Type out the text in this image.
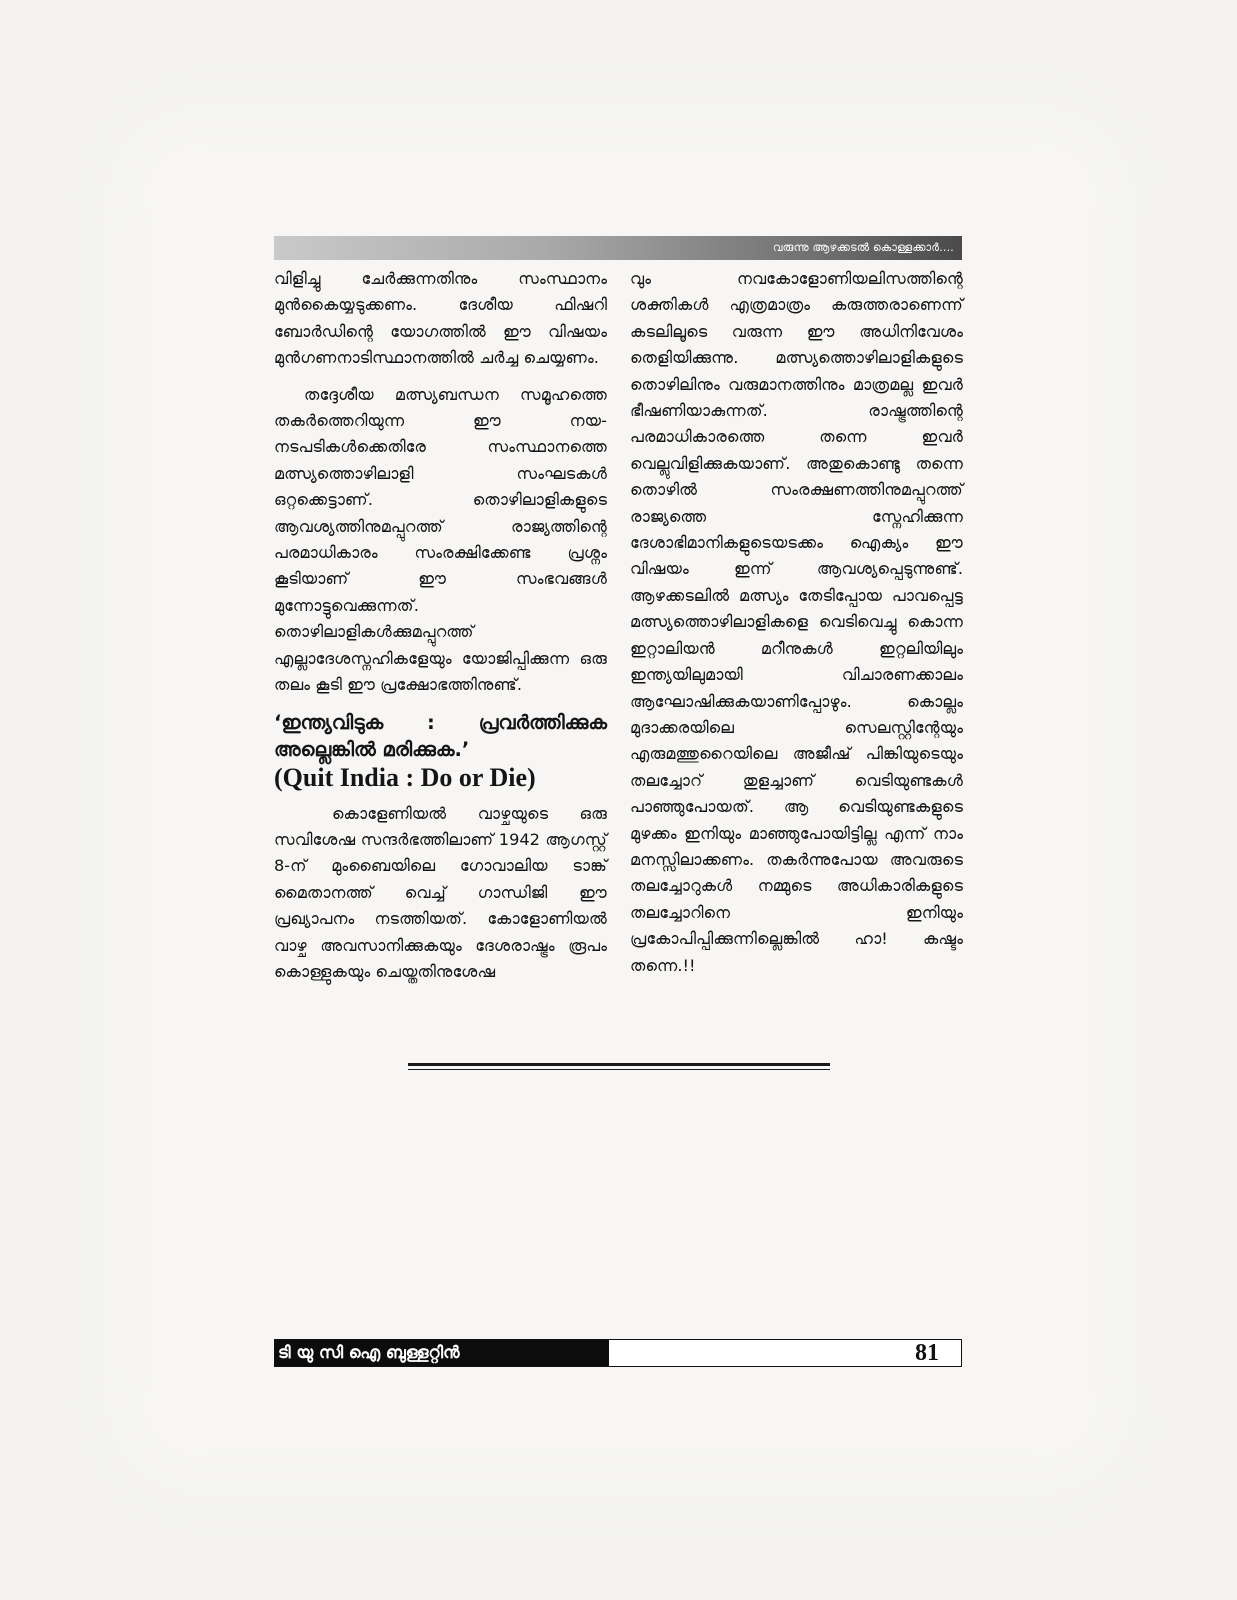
വരുന്നു ആഴക്കടൽ കൊള്ളക്കാർ....

വിളിച്ചു ചേർക്കുന്നതിനും സംസ്ഥാനം മുൻകൈയ്യടുക്കണം. ദേശീയ ഫിഷറി ബോർഡിന്റെ യോഗത്തിൽ ഈ വിഷയം മുൻഗണനാടിസ്ഥാനത്തിൽ ചർച്ച ചെയ്യണം.

തദ്ദേശീയ മത്സ്യബന്ധന സമൂഹത്തെ തകർത്തെറിയുന്ന ഈ നയ-നടപടികൾക്കെതിരേ സംസ്ഥാനത്തെ മത്സ്യത്തൊഴിലാളി സംഘടകൾ ഒറ്റക്കെട്ടാണ്. തൊഴിലാളികളുടെ ആവശ്യത്തിനുമപ്പുറത്ത് രാജ്യത്തിന്റെ പരമാധികാരം സംരക്ഷിക്കേണ്ട പ്രശ്നം കൂടിയാണ് ഈ സംഭവങ്ങൾ മുന്നോട്ടുവെക്കുന്നത്. തൊഴിലാളികൾക്കുമപ്പുറത്ത് എല്ലാദേശസ്നഹികളേയും യോജിപ്പിക്കുന്ന ഒരു തലം കൂടി ഈ പ്രക്ഷോഭത്തിനുണ്ട്.

‘ഇന്ത്യവിടുക : പ്രവർത്തിക്കുക അല്ലെങ്കിൽ മരിക്കുക.’

(Quit India : Do or Die)

കൊളേണിയൽ വാഴ്ചയുടെ ഒരു സവിശേഷ സന്ദർഭത്തിലാണ് 1942 ആഗസ്റ്റ് 8-ന് മുംബൈയിലെ ഗോവാലിയ ടാങ്ക് മൈതാനത്ത് വെച്ച് ഗാന്ധിജി ഈ പ്രഖ്യാപനം നടത്തിയത്. കോളോണിയൽ വാഴ്ച അവസാനിക്കുകയും ദേശരാഷ്ട്രം രൂപം കൊള്ളുകയും ചെയ്തതിനുശേഷ

വും നവകോളോണിയലിസത്തിന്റെ ശക്തികൾ എത്രമാത്രം കരുത്തരാണെന്ന് കടലിലൂടെ വരുന്ന ഈ അധിനിവേശം തെളിയിക്കുന്നു. മത്സ്യത്തൊഴിലാളികളുടെ തൊഴിലിനും വരുമാനത്തിനും മാത്രമല്ല ഇവർ ഭീഷണിയാകുന്നത്. രാഷ്ട്രത്തിന്റെ പരമാധികാരത്തെ തന്നെ ഇവർ വെല്ലുവിളിക്കുകയാണ്. അതുകൊണ്ടു തന്നെ തൊഴിൽ സംരക്ഷണത്തിനുമപ്പുറത്ത് രാജ്യത്തെ സ്നേഹിക്കുന്ന ദേശാഭിമാനികളുടെയടക്കം ഐക്യം ഈ വിഷയം ഇന്ന് ആവശ്യപ്പെടുന്നുണ്ട്. ആഴക്കടലിൽ മത്സ്യം തേടിപ്പോയ പാവപ്പെട്ട മത്സ്യത്തൊഴിലാളികളെ വെടിവെച്ചു കൊന്ന ഇറ്റാലിയൻ മറീനുകൾ ഇറ്റലിയിലും ഇന്ത്യയിലുമായി വിചാരണക്കാലം ആഘോഷിക്കുകയാണിപ്പോഴും. കൊല്ലം മുദാക്കരയിലെ സെലസ്റ്റിന്റേയും എരുമത്തുറൈയിലെ അജീഷ് പിങ്കിയുടെയും തലച്ചോറ് തുളച്ചാണ് വെടിയുണ്ടകൾ പാഞ്ഞുപോയത്. ആ വെടിയുണ്ടകളുടെ മുഴക്കം ഇനിയും മാഞ്ഞുപോയിട്ടില്ല എന്ന് നാം മനസ്സിലാക്കണം. തകർന്നുപോയ അവരുടെ തലച്ചോറുകൾ നമ്മുടെ അധികാരികളുടെ തലച്ചോറിനെ ഇനിയും പ്രകോപിപ്പിക്കുന്നില്ലെങ്കിൽ ഹാ! കഷ്ടം തന്നെ.!!

ടി യു സി ഐ ബുള്ളറ്റിൻ	81
